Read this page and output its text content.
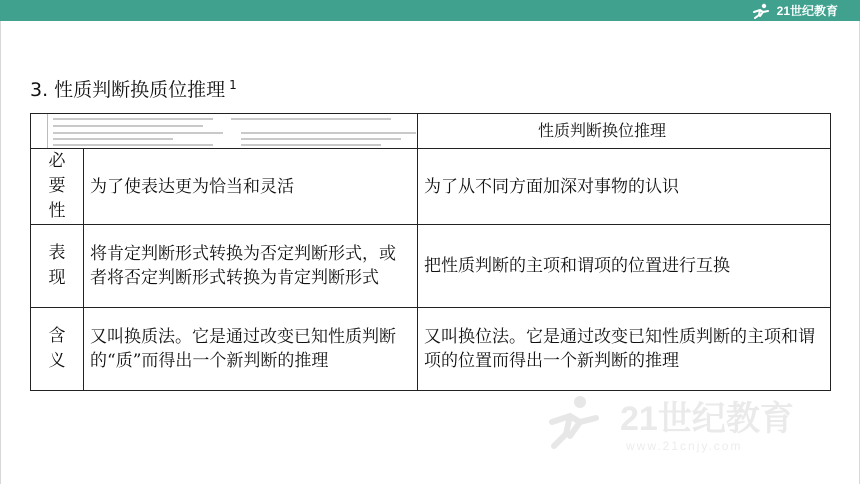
21世纪教育
3. 性质判断换质位推理 $^1$
		性质判断换位推理

必
要
性	为了使表达更为恰当和灵活	为了从不同方面加深对事物的认识

表
现	将肯定判断形式转换为否定判断形式，或者将否定判断形式转换为肯定判断形式	把性质判断的主项和谓项的位置进行互换

含
义	又叫换质法。它是通过改变已知性质判断的“质”而得出一个新判断的推理	又叫换位法。它是通过改变已知性质判断的主项和谓项的位置而得出一个新判断的推理
21世纪教育
www.21cnjy.com
